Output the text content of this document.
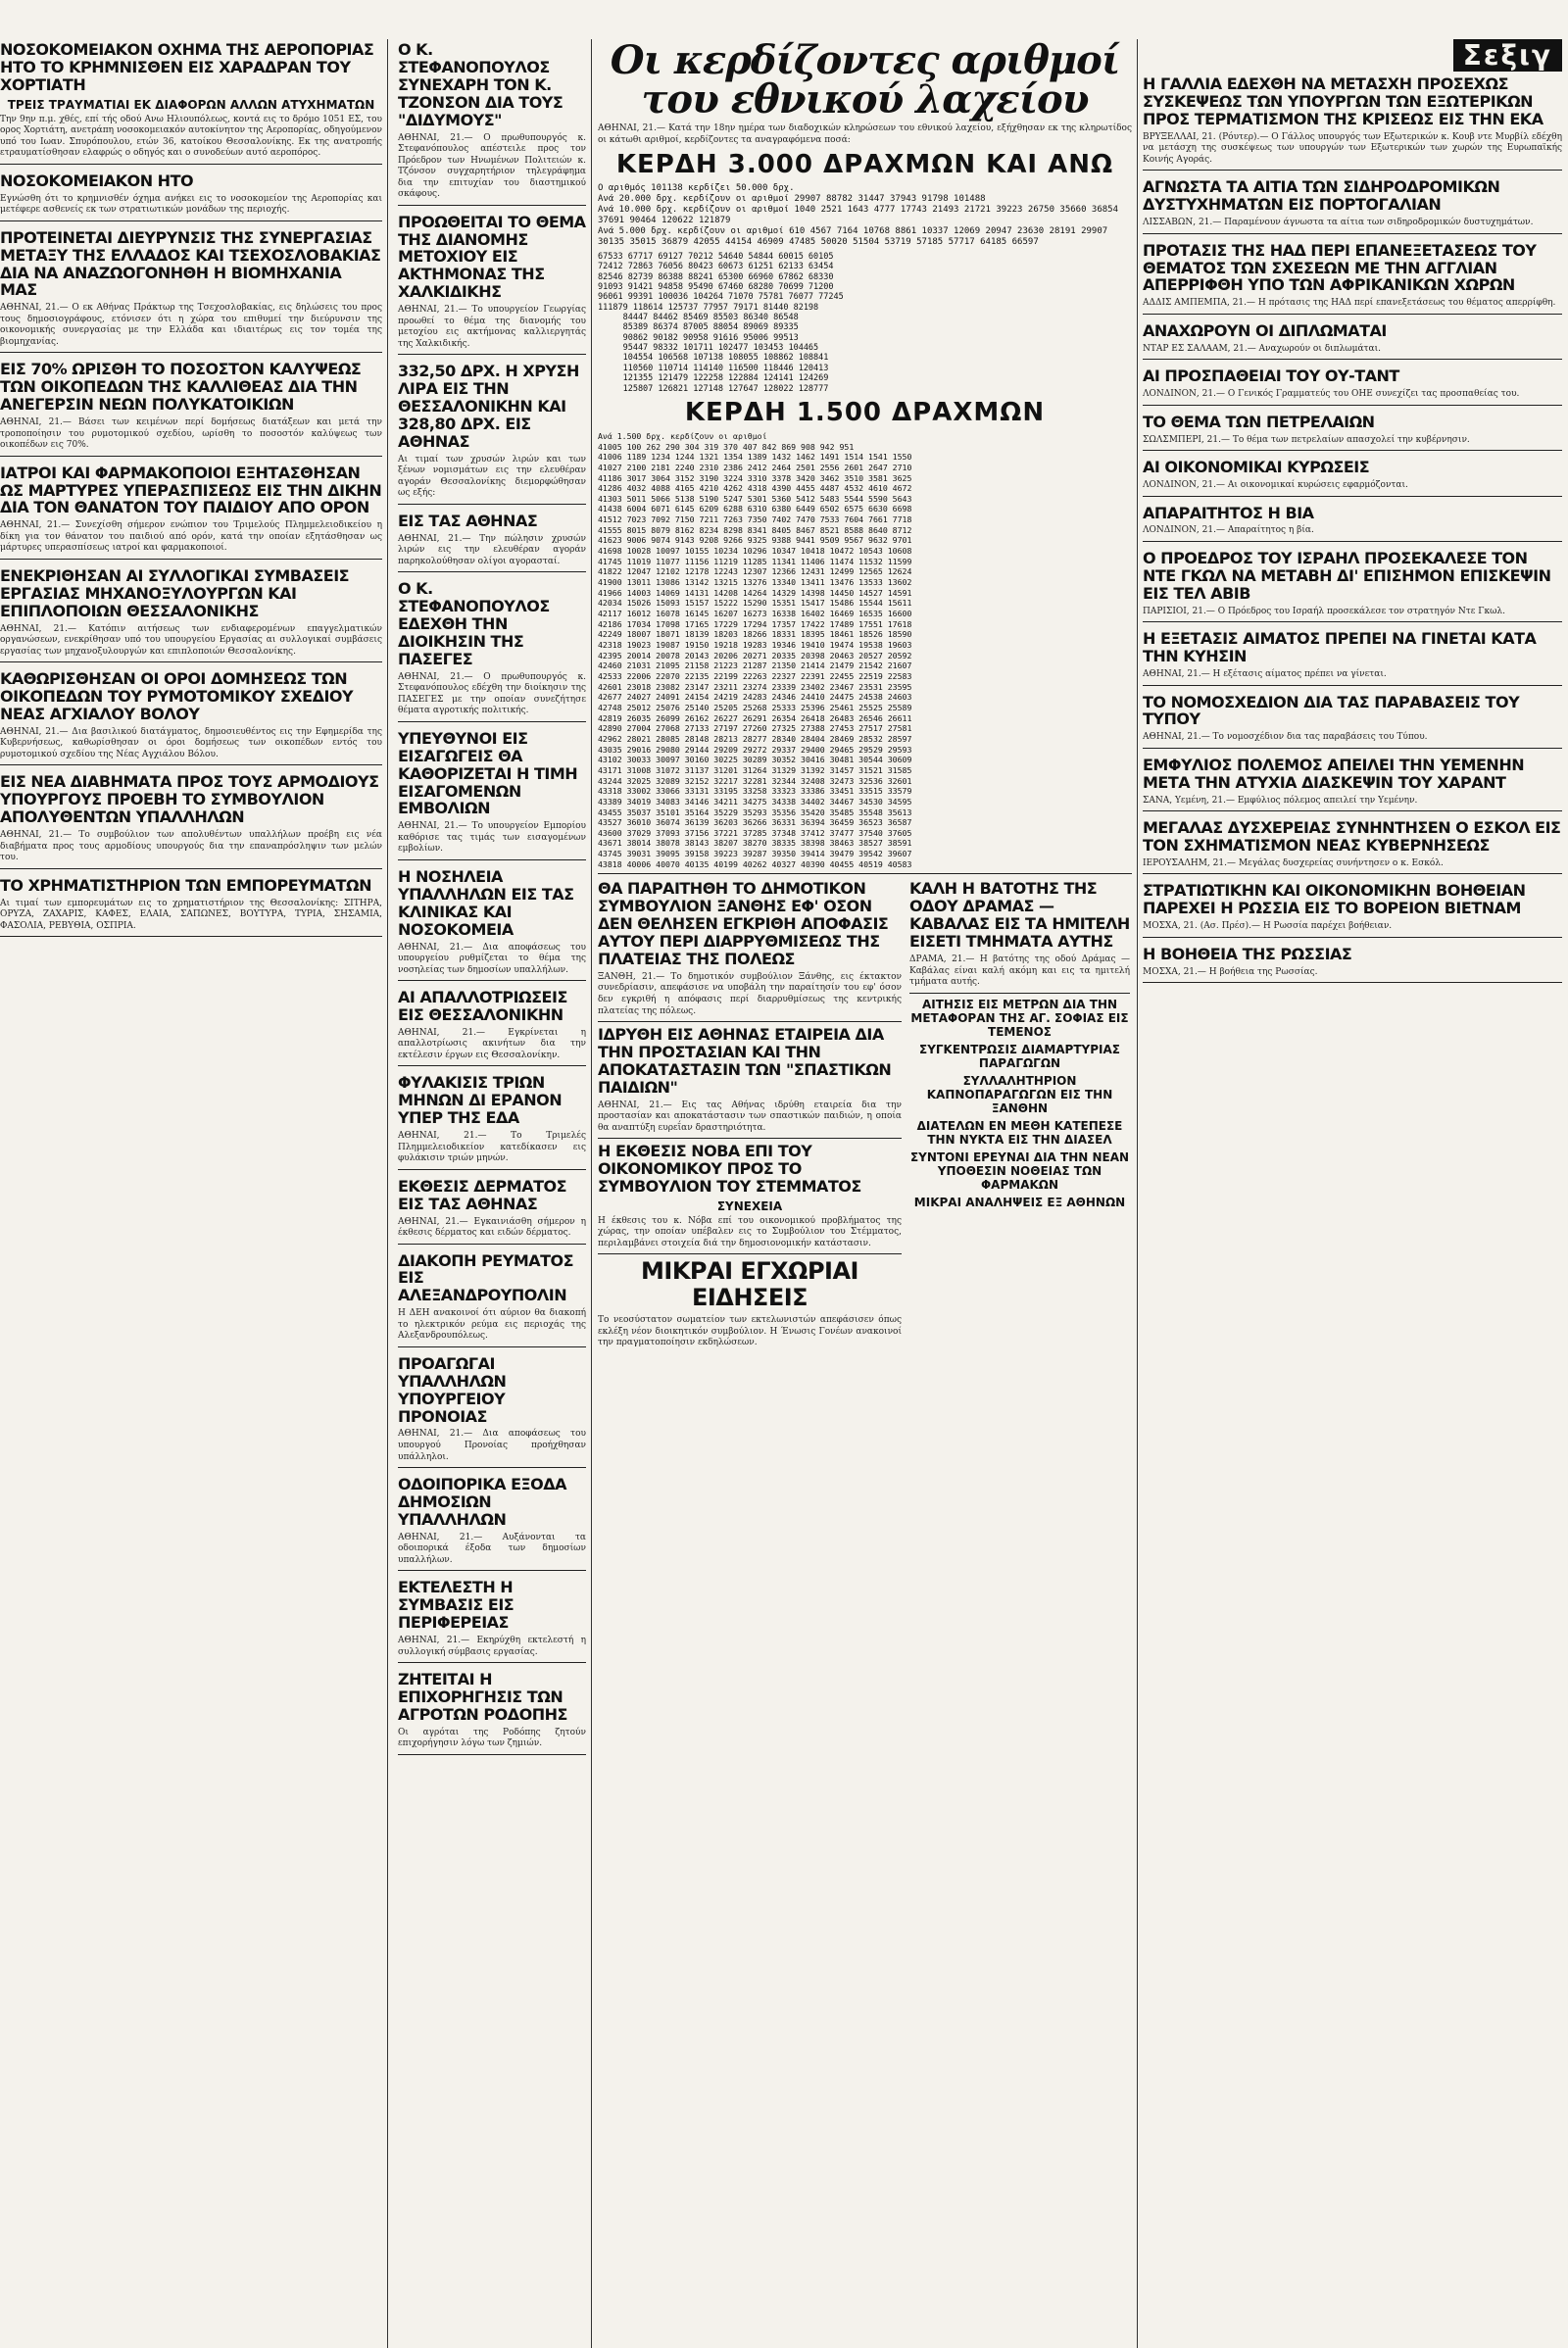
ΝΟΣΟΚΟΜΕΙΑΚΟΝ ΟΧΗΜΑ ΤΗΣ ΑΕΡΟΠΟΡΙΑΣ ΗΤΟ ΤΟ ΚΡΗΜΝΙΣΘΕΝ ΕΙΣ ΧΑΡΑΔΡΑΝ ΤΟΥ ΧΟΡΤΙΑΤΗ
ΤΡΕΙΣ ΤΡΑΥΜΑΤΙΑΙ ΕΚ ΔΙΑΦΟΡΩΝ ΑΛΛΩΝ ΑΤΥΧΗΜΑΤΩΝ
Την 9ην π.μ. χθές, επί τής οδού Ανω Ηλιουπόλεως, κοντά εις το δρόμο 1051 ΕΣ, του ορος Χορτιάτη, ανετράπη νοσοκομειακόν αυτοκίνητον της Αεροπορίας, οδηγούμενον υπό του Ιωαν. Σπυρόπουλου, ετών 36, κατοίκου Θεσσαλονίκης. Εκ της ανατροπής ετραυματίσθησαν ελαφρώς ο οδηγός και ο συνοδεύων αυτό αεροπόρος.
ΝΟΣΟΚΟΜΕΙΑΚΟΝ ΗΤΟ
Εγνώσθη ότι το κρημνισθέν όχημα ανήκει εις το νοσοκομείον της Αεροπορίας και μετέφερε ασθενείς εκ των στρατιωτικών μονάδων της περιοχής.
ΠΡΟΤΕΙΝΕΤΑΙ ΔΙΕΥΡΥΝΣΙΣ ΤΗΣ ΣΥΝΕΡΓΑΣΙΑΣ ΜΕΤΑΞΥ ΤΗΣ ΕΛΛΑΔΟΣ ΚΑΙ ΤΣΕΧΟΣΛΟΒΑΚΙΑΣ ΔΙΑ ΝΑ ΑΝΑΖΩΟΓΟΝΗΘΗ Η ΒΙΟΜΗΧΑΝΙΑ ΜΑΣ
ΑΘΗΝΑΙ, 21.— Ο εκ Αθήνας Πράκτωρ της Τσεχοσλοβακίας, εις δηλώσεις του προς τους δημοσιογράφους, ετόνισεν ότι η χώρα του επιθυμεί την διεύρυνσιν της οικονομικής συνεργασίας με την Ελλάδα και ιδιαιτέρως εις τον τομέα της βιομηχανίας.
ΕΙΣ 70% ΩΡΙΣΘΗ ΤΟ ΠΟΣΟΣΤΟΝ ΚΑΛΥΨΕΩΣ ΤΩΝ ΟΙΚΟΠΕΔΩΝ ΤΗΣ ΚΑΛΛΙΘΕΑΣ ΔΙΑ ΤΗΝ ΑΝΕΓΕΡΣΙΝ ΝΕΩΝ ΠΟΛΥΚΑΤΟΙΚΙΩΝ
ΑΘΗΝΑΙ, 21.— Βάσει των κειμένων περί δομήσεως διατάξεων και μετά την τροποποίησιν του ρυμοτομικού σχεδίου, ωρίσθη το ποσοστόν καλύψεως των οικοπέδων εις 70%.
ΙΑΤΡΟΙ ΚΑΙ ΦΑΡΜΑΚΟΠΟΙΟΙ ΕΞΗΤΑΣΘΗΣΑΝ ΩΣ ΜΑΡΤΥΡΕΣ ΥΠΕΡΑΣΠΙΣΕΩΣ ΕΙΣ ΤΗΝ ΔΙΚΗΝ ΔΙΑ ΤΟΝ ΘΑΝΑΤΟΝ ΤΟΥ ΠΑΙΔΙΟΥ ΑΠΟ ΟΡΟΝ
ΑΘΗΝΑΙ, 21.— Συνεχίσθη σήμερον ενώπιον του Τριμελούς Πλημμελειοδικείου η δίκη για τον θάνατον του παιδιού από ορόν, κατά την οποίαν εξητάσθησαν ως μάρτυρες υπερασπίσεως ιατροί και φαρμακοποιοί.
ΕΝΕΚΡΙΘΗΣΑΝ ΑΙ ΣΥΛΛΟΓΙΚΑΙ ΣΥΜΒΑΣΕΙΣ ΕΡΓΑΣΙΑΣ ΜΗΧΑΝΟΞΥΛΟΥΡΓΩΝ ΚΑΙ ΕΠΙΠΛΟΠΟΙΩΝ ΘΕΣΣΑΛΟΝΙΚΗΣ
ΑΘΗΝΑΙ, 21.— Κατόπιν αιτήσεως των ενδιαφερομένων επαγγελματικών οργανώσεων, ενεκρίθησαν υπό του υπουργείου Εργασίας αι συλλογικαί συμβάσεις εργασίας των μηχανοξυλουργών και επιπλοποιών Θεσσαλονίκης.
ΚΑΘΩΡΙΣΘΗΣΑΝ ΟΙ ΟΡΟΙ ΔΟΜΗΣΕΩΣ ΤΩΝ ΟΙΚΟΠΕΔΩΝ ΤΟΥ ΡΥΜΟΤΟΜΙΚΟΥ ΣΧΕΔΙΟΥ ΝΕΑΣ ΑΓΧΙΑΛΟΥ ΒΟΛΟΥ
ΑΘΗΝΑΙ, 21.— Δια βασιλικού διατάγματος, δημοσιευθέντος εις την Εφημερίδα της Κυβερνήσεως, καθωρίσθησαν οι όροι δομήσεως των οικοπέδων εντός του ρυμοτομικού σχεδίου της Νέας Αγχιάλου Βόλου.
ΕΙΣ ΝΕΑ ΔΙΑΒΗΜΑΤΑ ΠΡΟΣ ΤΟΥΣ ΑΡΜΟΔΙΟΥΣ ΥΠΟΥΡΓΟΥΣ ΠΡΟΕΒΗ ΤΟ ΣΥΜΒΟΥΛΙΟΝ ΑΠΟΛΥΘΕΝΤΩΝ ΥΠΑΛΛΗΛΩΝ
ΑΘΗΝΑΙ, 21.— Το συμβούλιον των απολυθέντων υπαλλήλων προέβη εις νέα διαβήματα προς τους αρμοδίους υπουργούς δια την επαναπρόσληψιν των μελών του.
ΤΟ ΧΡΗΜΑΤΙΣΤΗΡΙΟΝ ΤΩΝ ΕΜΠΟΡΕΥΜΑΤΩΝ
Αι τιμαί των εμπορευμάτων εις το χρηματιστήριον της Θεσσαλονίκης: ΣΙΤΗΡΑ, ΟΡΥΖΑ, ΖΑΧΑΡΙΣ, ΚΑΦΕΣ, ΕΛΑΙΑ, ΣΑΠΩΝΕΣ, ΒΟΥΤΥΡΑ, ΤΥΡΙΑ, ΣΗΣΑΜΙΑ, ΦΑΣΟΛΙΑ, ΡΕΒΥΘΙΑ, ΟΣΠΡΙΑ.
Ο Κ. ΣΤΕΦΑΝΟΠΟΥΛΟΣ ΣΥΝΕΧΑΡΗ ΤΟΝ Κ. ΤΖΟΝΣΟΝ ΔΙΑ ΤΟΥΣ "ΔΙΔΥΜΟΥΣ"
ΑΘΗΝΑΙ, 21.— Ο πρωθυπουργός κ. Στεφανόπουλος απέστειλε προς τον Πρόεδρον των Ηνωμένων Πολιτειών κ. Τζόνσον συγχαρητήριον τηλεγράφημα δια την επιτυχίαν του διαστημικού σκάφους.
ΠΡΟΩΘΕΙΤΑΙ ΤΟ ΘΕΜΑ ΤΗΣ ΔΙΑΝΟΜΗΣ ΜΕΤΟΧΙΟΥ ΕΙΣ ΑΚΤΗΜΟΝΑΣ ΤΗΣ ΧΑΛΚΙΔΙΚΗΣ
ΑΘΗΝΑΙ, 21.— Το υπουργείον Γεωργίας προωθεί το θέμα της διανομής του μετοχίου εις ακτήμονας καλλιεργητάς της Χαλκιδικής.
332,50 ΔΡΧ. Η ΧΡΥΣΗ ΛΙΡΑ ΕΙΣ ΤΗΝ ΘΕΣΣΑΛΟΝΙΚΗΝ ΚΑΙ 328,80 ΔΡΧ. ΕΙΣ ΑΘΗΝΑΣ
Αι τιμαί των χρυσών λιρών και των ξένων νομισμάτων εις την ελευθέραν αγοράν Θεσσαλονίκης διεμορφώθησαν ως εξής:
ΕΙΣ ΤΑΣ ΑΘΗΝΑΣ
ΑΘΗΝΑΙ, 21.— Την πώλησιν χρυσών λιρών εις την ελευθέραν αγοράν παρηκολούθησαν ολίγοι αγορασταί.
Ο Κ. ΣΤΕΦΑΝΟΠΟΥΛΟΣ ΕΔΕΧΘΗ ΤΗΝ ΔΙΟΙΚΗΣΙΝ ΤΗΣ ΠΑΣΕΓΕΣ
ΑΘΗΝΑΙ, 21.— Ο πρωθυπουργός κ. Στεφανόπουλος εδέχθη την διοίκησιν της ΠΑΣΕΓΕΣ με την οποίαν συνεζήτησε θέματα αγροτικής πολιτικής.
ΥΠΕΥΘΥΝΟΙ ΕΙΣ ΕΙΣΑΓΩΓΕΙΣ ΘΑ ΚΑΘΟΡΙΖΕΤΑΙ Η ΤΙΜΗ ΕΙΣΑΓΟΜΕΝΩΝ ΕΜΒΟΛΙΩΝ
ΑΘΗΝΑΙ, 21.— Το υπουργείον Εμπορίου καθόρισε τας τιμάς των εισαγομένων εμβολίων.
Η ΝΟΣΗΛΕΙΑ ΥΠΑΛΛΗΛΩΝ ΕΙΣ ΤΑΣ ΚΛΙΝΙΚΑΣ ΚΑΙ ΝΟΣΟΚΟΜΕΙΑ
ΑΘΗΝΑΙ, 21.— Δια αποφάσεως του υπουργείου ρυθμίζεται το θέμα της νοσηλείας των δημοσίων υπαλλήλων.
ΑΙ ΑΠΑΛΛΟΤΡΙΩΣΕΙΣ ΕΙΣ ΘΕΣΣΑΛΟΝΙΚΗΝ
ΑΘΗΝΑΙ, 21.— Εγκρίνεται η απαλλοτρίωσις ακινήτων δια την εκτέλεσιν έργων εις Θεσσαλονίκην.
ΦΥΛΑΚΙΣΙΣ ΤΡΙΩΝ ΜΗΝΩΝ ΔΙ ΕΡΑΝΟΝ ΥΠΕΡ ΤΗΣ ΕΔΑ
ΑΘΗΝΑΙ, 21.— Το Τριμελές Πλημμελειοδικείον κατεδίκασεν εις φυλάκισιν τριών μηνών.
ΕΚΘΕΣΙΣ ΔΕΡΜΑΤΟΣ ΕΙΣ ΤΑΣ ΑΘΗΝΑΣ
ΑΘΗΝΑΙ, 21.— Εγκαινιάσθη σήμερον η έκθεσις δέρματος και ειδών δέρματος.
ΔΙΑΚΟΠΗ ΡΕΥΜΑΤΟΣ ΕΙΣ ΑΛΕΞΑΝΔΡΟΥΠΟΛΙΝ
Η ΔΕΗ ανακοινοί ότι αύριον θα διακοπή το ηλεκτρικόν ρεύμα εις περιοχάς της Αλεξανδρουπόλεως.
ΠΡΟΑΓΩΓΑΙ ΥΠΑΛΛΗΛΩΝ ΥΠΟΥΡΓΕΙΟΥ ΠΡΟΝΟΙΑΣ
ΑΘΗΝΑΙ, 21.— Δια αποφάσεως του υπουργού Προνοίας προήχθησαν υπάλληλοι.
ΟΔΟΙΠΟΡΙΚΑ ΕΞΟΔΑ ΔΗΜΟΣΙΩΝ ΥΠΑΛΛΗΛΩΝ
ΑΘΗΝΑΙ, 21.— Αυξάνονται τα οδοιπορικά έξοδα των δημοσίων υπαλλήλων.
ΕΚΤΕΛΕΣΤΗ Η ΣΥΜΒΑΣΙΣ ΕΙΣ ΠΕΡΙΦΕΡΕΙΑΣ
ΑΘΗΝΑΙ, 21.— Εκηρύχθη εκτελεστή η συλλογική σύμβασις εργασίας.
ΖΗΤΕΙΤΑΙ Η ΕΠΙΧΟΡΗΓΗΣΙΣ ΤΩΝ ΑΓΡΟΤΩΝ ΡΟΔΟΠΗΣ
Οι αγρόται της Ροδόπης ζητούν επιχορήγησιν λόγω των ζημιών.
Οι κερδίζοντες αριθμοί του εθνικού λαχείου
ΑΘΗΝΑΙ, 21.— Κατά την 18ην ημέρα των διαδοχικών κληρώσεων του εθνικού λαχείου, εξήχθησαν εκ της κληρωτίδος οι κάτωθι αριθμοί, κερδίζοντες τα αναγραφόμενα ποσά:
ΚΕΡΔΗ 3.000 ΔΡΑΧΜΩΝ ΚΑΙ ΑΝΩ
Ο αριθμός 101138 κερδίζει 50.000 δρχ.
Ανά 20.000 δρχ. κερδίζουν οι αριθμοί 29907 88782 31447 37943 91798 101488
Ανά 10.000 δρχ. κερδίζουν οι αριθμοί 1040 2521 1643 4777 17743 21493 21721 39223 26750 35660 36854 37691 90464 120622 121879
Ανά 5.000 δρχ. κερδίζουν οι αριθμοί 610 4567 7164 10768 8861 10337 12069 20947 23630 28191 29907 30135 35015 36879 42055 44154 46909 47485 50020 51504 53719 57185 57717 64185 66597
67533 67717 69127 70212 54640 54844 60015 60105
72412 72863 76056 80423 60673 61251 62133 63454
82546 82739 86388 88241 65300 66960 67862 68330
91093 91421 94858 95490 67460 68280 70699 71200
96061 99391 100036 104264 71070 75781 76077 77245
111879 118614 125737 77957 79171 81440 82198
84447 84462 85469 85503 86340 86548
85389 86374 87005 88054 89069 89335
90862 90182 90958 91616 95006 99513
95447 98332 101711 102477 103453 104465
104554 106568 107138 108055 108862 108841
110560 110714 114140 116500 118446 120413
121355 121479 122258 122884 124141 124269
125807 126821 127148 127647 128022 128777
ΚΕΡΔΗ 1.500 ΔΡΑΧΜΩΝ
Ανά 1.500 δρχ. κερδίζουν οι αριθμοί
41005 100 262 290 304 319 370 407 842 869 908 942 951
41006 1189 1234 1244 1321 1354 1389 1432 1462 1491 1514 1541 1550
41027 2100 2181 2240 2310 2386 2412 2464 2501 2556 2601 2647 2710
41186 3017 3064 3152 3190 3224 3310 3378 3420 3462 3510 3581 3625
41286 4032 4088 4165 4210 4262 4318 4390 4455 4487 4532 4610 4672
41303 5011 5066 5138 5190 5247 5301 5360 5412 5483 5544 5590 5643
41438 6004 6071 6145 6209 6288 6310 6380 6449 6502 6575 6630 6698
41512 7023 7092 7150 7211 7263 7350 7402 7470 7533 7604 7661 7718
41555 8015 8079 8162 8234 8298 8341 8405 8467 8521 8588 8640 8712
41623 9006 9074 9143 9208 9266 9325 9388 9441 9509 9567 9632 9701
41698 10028 10097 10155 10234 10296 10347 10418 10472 10543 10608
41745 11019 11077 11156 11219 11285 11341 11406 11474 11532 11599
41822 12047 12102 12178 12243 12307 12366 12431 12499 12565 12624
41900 13011 13086 13142 13215 13276 13340 13411 13476 13533 13602
41966 14003 14069 14131 14208 14264 14329 14398 14450 14527 14591
42034 15026 15093 15157 15222 15290 15351 15417 15486 15544 15611
42117 16012 16078 16145 16207 16273 16338 16402 16469 16535 16600
42186 17034 17098 17165 17229 17294 17357 17422 17489 17551 17618
42249 18007 18071 18139 18203 18266 18331 18395 18461 18526 18590
42318 19023 19087 19150 19218 19283 19346 19410 19474 19538 19603
42395 20014 20078 20143 20206 20271 20335 20398 20463 20527 20592
42460 21031 21095 21158 21223 21287 21350 21414 21479 21542 21607
42533 22006 22070 22135 22199 22263 22327 22391 22455 22519 22583
42601 23018 23082 23147 23211 23274 23339 23402 23467 23531 23595
42677 24027 24091 24154 24219 24283 24346 24410 24475 24538 24603
42748 25012 25076 25140 25205 25268 25333 25396 25461 25525 25589
42819 26035 26099 26162 26227 26291 26354 26418 26483 26546 26611
42890 27004 27068 27133 27197 27260 27325 27388 27453 27517 27581
42962 28021 28085 28148 28213 28277 28340 28404 28469 28532 28597
43035 29016 29080 29144 29209 29272 29337 29400 29465 29529 29593
43102 30033 30097 30160 30225 30289 30352 30416 30481 30544 30609
43171 31008 31072 31137 31201 31264 31329 31392 31457 31521 31585
43244 32025 32089 32152 32217 32281 32344 32408 32473 32536 32601
43318 33002 33066 33131 33195 33258 33323 33386 33451 33515 33579
43389 34019 34083 34146 34211 34275 34338 34402 34467 34530 34595
43455 35037 35101 35164 35229 35293 35356 35420 35485 35548 35613
43527 36010 36074 36139 36203 36266 36331 36394 36459 36523 36587
43600 37029 37093 37156 37221 37285 37348 37412 37477 37540 37605
43671 38014 38078 38143 38207 38270 38335 38398 38463 38527 38591
43745 39031 39095 39158 39223 39287 39350 39414 39479 39542 39607
43818 40006 40070 40135 40199 40262 40327 40390 40455 40519 40583
ΘΑ ΠΑΡΑΙΤΗΘΗ ΤΟ ΔΗΜΟΤΙΚΟΝ ΣΥΜΒΟΥΛΙΟΝ ΞΑΝΘΗΣ ΕΦ' ΟΣΟΝ ΔΕΝ ΘΕΛΗΣΕΝ ΕΓΚΡΙΘΗ ΑΠΟΦΑΣΙΣ ΑΥΤΟΥ ΠΕΡΙ ΔΙΑΡΡΥΘΜΙΣΕΩΣ ΤΗΣ ΠΛΑΤΕΙΑΣ ΤΗΣ ΠΟΛΕΩΣ
ΞΑΝΘΗ, 21.— Το δημοτικόν συμβούλιον Ξάνθης, εις έκτακτον συνεδρίασιν, απεφάσισε να υποβάλη την παραίτησίν του εφ' όσον δεν εγκριθή η απόφασις περί διαρρυθμίσεως της κεντρικής πλατείας της πόλεως.
ΙΔΡΥΘΗ ΕΙΣ ΑΘΗΝΑΣ ΕΤΑΙΡΕΙΑ ΔΙΑ ΤΗΝ ΠΡΟΣΤΑΣΙΑΝ ΚΑΙ ΤΗΝ ΑΠΟΚΑΤΑΣΤΑΣΙΝ ΤΩΝ "ΣΠΑΣΤΙΚΩΝ ΠΑΙΔΙΩΝ"
ΑΘΗΝΑΙ, 21.— Εις τας Αθήνας ιδρύθη εταιρεία δια την προστασίαν και αποκατάστασιν των σπαστικών παιδιών, η οποία θα αναπτύξη ευρεΐαν δραστηριότητα.
Η ΕΚΘΕΣΙΣ ΝΟΒΑ ΕΠΙ ΤΟΥ ΟΙΚΟΝΟΜΙΚΟΥ ΠΡΟΣ ΤΟ ΣΥΜΒΟΥΛΙΟΝ ΤΟΥ ΣΤΕΜΜΑΤΟΣ
ΣΥΝΕΧΕΙΑ
Η έκθεσις του κ. Νόβα επί του οικονομικού προβλήματος της χώρας, την οποίαν υπέβαλεν εις το Συμβούλιον του Στέμματος, περιλαμβάνει στοιχεία διά την δημοσιονομικήν κατάστασιν.
ΜΙΚΡΑΙ ΕΓΧΩΡΙΑΙ ΕΙΔΗΣΕΙΣ
Το νεοσύστατον σωματείον των εκτελωνιστών απεφάσισεν όπως εκλέξη νέον διοικητικόν συμβούλιον. Η Ένωσις Γονέων ανακοινοί την πραγματοποίησιν εκδηλώσεων.
ΚΑΛΗ Η ΒΑΤΟΤΗΣ ΤΗΣ ΟΔΟΥ ΔΡΑΜΑΣ — ΚΑΒΑΛΑΣ ΕΙΣ ΤΑ ΗΜΙΤΕΛΗ ΕΙΣΕΤΙ ΤΜΗΜΑΤΑ ΑΥΤΗΣ
ΔΡΑΜΑ, 21.— Η βατότης της οδού Δράμας — Καβάλας είναι καλή ακόμη και εις τα ημιτελή τμήματα αυτής.
ΑΙΤΗΣΙΣ ΕΙΣ ΜΕΤΡΩΝ ΔΙΑ ΤΗΝ ΜΕΤΑΦΟΡΑΝ ΤΗΣ ΑΓ. ΣΟΦΙΑΣ ΕΙΣ ΤΕΜΕΝΟΣ
ΣΥΓΚΕΝΤΡΩΣΙΣ ΔΙΑΜΑΡΤΥΡΙΑΣ ΠΑΡΑΓΩΓΩΝ
ΣΥΛΛΑΛΗΤΗΡΙΟΝ ΚΑΠΝΟΠΑΡΑΓΩΓΩΝ ΕΙΣ ΤΗΝ ΞΑΝΘΗΝ
ΔΙΑΤΕΛΩΝ ΕΝ ΜΕΘΗ ΚΑΤΕΠΕΣΕ ΤΗΝ ΝΥΚΤΑ ΕΙΣ ΤΗΝ ΔΙΑΣΕΛ
ΣΥΝΤΟΝΙ ΕΡΕΥΝΑΙ ΔΙΑ ΤΗΝ ΝΕΑΝ ΥΠΟΘΕΣΙΝ ΝΟΘΕΙΑΣ ΤΩΝ ΦΑΡΜΑΚΩΝ
ΜΙΚΡΑΙ ΑΝΑΛΗΨΕΙΣ ΕΞ ΑΘΗΝΩΝ
Σεξιγ
Η ΓΑΛΛΙΑ ΕΔΕΧΘΗ ΝΑ ΜΕΤΑΣΧΗ ΠΡΟΣΕΧΩΣ ΣΥΣΚΕΨΕΩΣ ΤΩΝ ΥΠΟΥΡΓΩΝ ΤΩΝ ΕΞΩΤΕΡΙΚΩΝ ΠΡΟΣ ΤΕΡΜΑΤΙΣΜΟΝ ΤΗΣ ΚΡΙΣΕΩΣ ΕΙΣ ΤΗΝ ΕΚΑ
ΒΡΥΞΕΛΛΑΙ, 21. (Ρόυτερ).— Ο Γάλλος υπουργός των Εξωτερικών κ. Κουβ ντε Μυρβίλ εδέχθη να μετάσχη της συσκέψεως των υπουργών των Εξωτερικών των χωρών της Ευρωπαϊκής Κοινής Αγοράς.
ΑΓΝΩΣΤΑ ΤΑ ΑΙΤΙΑ ΤΩΝ ΣΙΔΗΡΟΔΡΟΜΙΚΩΝ ΔΥΣΤΥΧΗΜΑΤΩΝ ΕΙΣ ΠΟΡΤΟΓΑΛΙΑΝ
ΛΙΣΣΑΒΩΝ, 21.— Παραμένουν άγνωστα τα αίτια των σιδηροδρομικών δυστυχημάτων.
ΠΡΟΤΑΣΙΣ ΤΗΣ ΗΑΔ ΠΕΡΙ ΕΠΑΝΕΞΕΤΑΣΕΩΣ ΤΟΥ ΘΕΜΑΤΟΣ ΤΩΝ ΣΧΕΣΕΩΝ ΜΕ ΤΗΝ ΑΓΓΛΙΑΝ ΑΠΕΡΡΙΦΘΗ ΥΠΟ ΤΩΝ ΑΦΡΙΚΑΝΙΚΩΝ ΧΩΡΩΝ
ΑΔΔΙΣ ΑΜΠΕΜΠΑ, 21.— Η πρότασις της ΗΑΔ περί επανεξετάσεως του θέματος απερρίφθη.
ΑΝΑΧΩΡΟΥΝ ΟΙ ΔΙΠΛΩΜΑΤΑΙ
ΝΤΑΡ ΕΣ ΣΑΛΑΑΜ, 21.— Αναχωρούν οι διπλωμάται.
ΑΙ ΠΡΟΣΠΑΘΕΙΑΙ ΤΟΥ ΟΥ-ΤΑΝΤ
ΛΟΝΔΙΝΟΝ, 21.— Ο Γενικός Γραμματεύς του ΟΗΕ συνεχίζει τας προσπαθείας του.
ΤΟ ΘΕΜΑ ΤΩΝ ΠΕΤΡΕΛΑΙΩΝ
ΣΩΛΣΜΠΕΡΙ, 21.— Το θέμα των πετρελαίων απασχολεί την κυβέρνησιν.
ΑΙ ΟΙΚΟΝΟΜΙΚΑΙ ΚΥΡΩΣΕΙΣ
ΛΟΝΔΙΝΟΝ, 21.— Αι οικονομικαί κυρώσεις εφαρμόζονται.
ΑΠΑΡΑΙΤΗΤΟΣ Η ΒΙΑ
ΛΟΝΔΙΝΟΝ, 21.— Απαραίτητος η βία.
Ο ΠΡΟΕΔΡΟΣ ΤΟΥ ΙΣΡΑΗΛ ΠΡΟΣΕΚΑΛΕΣΕ ΤΟΝ ΝΤΕ ΓΚΩΛ ΝΑ ΜΕΤΑΒΗ ΔΙ' ΕΠΙΣΗΜΟΝ ΕΠΙΣΚΕΨΙΝ ΕΙΣ ΤΕΛ ΑΒΙΒ
ΠΑΡΙΣΙΟΙ, 21.— Ο Πρόεδρος του Ισραήλ προσεκάλεσε τον στρατηγόν Ντε Γκωλ.
Η ΕΞΕΤΑΣΙΣ ΑΙΜΑΤΟΣ ΠΡΕΠΕΙ ΝΑ ΓΙΝΕΤΑΙ ΚΑΤΑ ΤΗΝ ΚΥΗΣΙΝ
ΑΘΗΝΑΙ, 21.— Η εξέτασις αίματος πρέπει να γίνεται.
ΤΟ ΝΟΜΟΣΧΕΔΙΟΝ ΔΙΑ ΤΑΣ ΠΑΡΑΒΑΣΕΙΣ ΤΟΥ ΤΥΠΟΥ
ΑΘΗΝΑΙ, 21.— Το νομοσχέδιον δια τας παραβάσεις του Τύπου.
ΕΜΦΥΛΙΟΣ ΠΟΛΕΜΟΣ ΑΠΕΙΛΕΙ ΤΗΝ ΥΕΜΕΝΗΝ ΜΕΤΑ ΤΗΝ ΑΤΥΧΙΑ ΔΙΑΣΚΕΨΙΝ ΤΟΥ ΧΑΡΑΝΤ
ΣΑΝΑ, Υεμένη, 21.— Εμφύλιος πόλεμος απειλεί την Υεμένην.
ΜΕΓΑΛΑΣ ΔΥΣΧΕΡΕΙΑΣ ΣΥΝΗΝΤΗΣΕΝ Ο ΕΣΚΟΛ ΕΙΣ ΤΟΝ ΣΧΗΜΑΤΙΣΜΟΝ ΝΕΑΣ ΚΥΒΕΡΝΗΣΕΩΣ
ΙΕΡΟΥΣΑΛΗΜ, 21.— Μεγάλας δυσχερείας συνήντησεν ο κ. Εσκόλ.
ΣΤΡΑΤΙΩΤΙΚΗΝ ΚΑΙ ΟΙΚΟΝΟΜΙΚΗΝ ΒΟΗΘΕΙΑΝ ΠΑΡΕΧΕΙ Η ΡΩΣΣΙΑ ΕΙΣ ΤΟ ΒΟΡΕΙΟΝ ΒΙΕΤΝΑΜ
ΜΟΣΧΑ, 21. (Ασ. Πρέσ).— Η Ρωσσία παρέχει βοήθειαν.
Η ΒΟΗΘΕΙΑ ΤΗΣ ΡΩΣΣΙΑΣ
ΜΟΣΧΑ, 21.— Η βοήθεια της Ρωσσίας.
